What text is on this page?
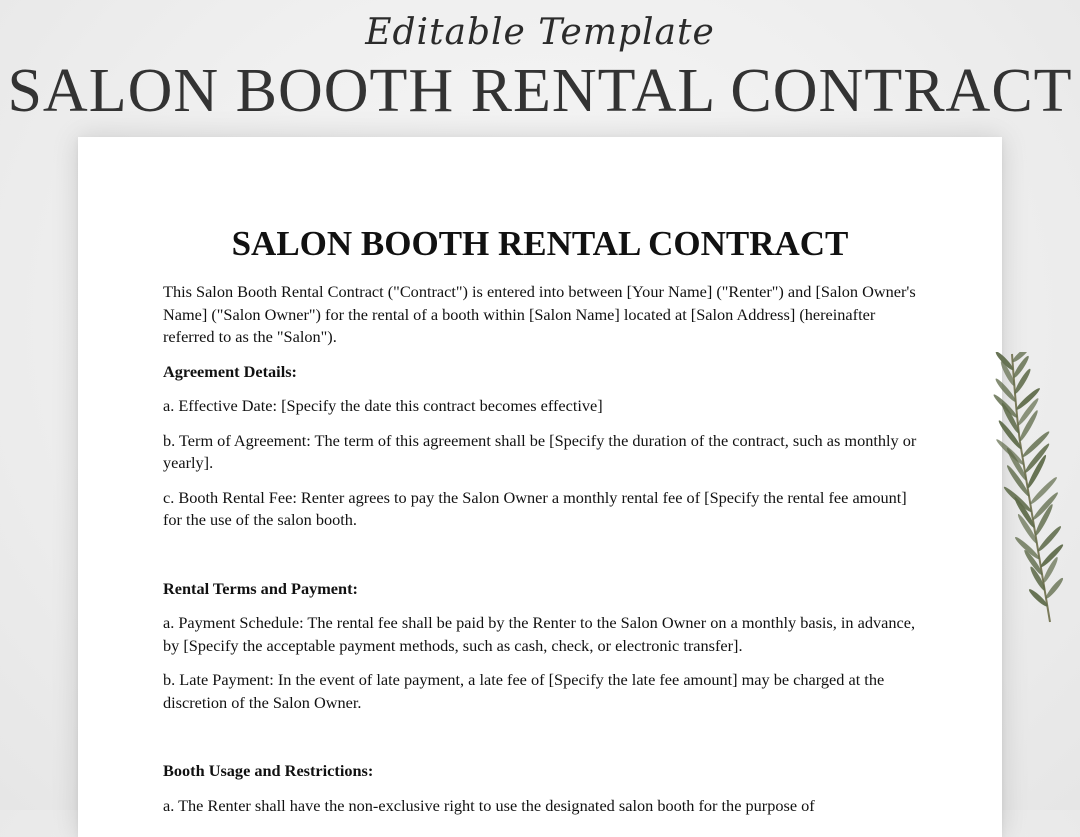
Editable Template
SALON BOOTH RENTAL CONTRACT
SALON BOOTH RENTAL CONTRACT

This Salon Booth Rental Contract ("Contract") is entered into between [Your Name] ("Renter") and [Salon Owner's Name] ("Salon Owner") for the rental of a booth within [Salon Name] located at [Salon Address] (hereinafter referred to as the "Salon").

Agreement Details:

a. Effective Date: [Specify the date this contract becomes effective]

b. Term of Agreement: The term of this agreement shall be [Specify the duration of the contract, such as monthly or yearly].

c. Booth Rental Fee: Renter agrees to pay the Salon Owner a monthly rental fee of [Specify the rental fee amount] for the use of the salon booth.

Rental Terms and Payment:

a. Payment Schedule: The rental fee shall be paid by the Renter to the Salon Owner on a monthly basis, in advance, by [Specify the acceptable payment methods, such as cash, check, or electronic transfer].

b. Late Payment: In the event of late payment, a late fee of [Specify the late fee amount] may be charged at the discretion of the Salon Owner.

Booth Usage and Restrictions:

a. The Renter shall have the non-exclusive right to use the designated salon booth for the purpose of
